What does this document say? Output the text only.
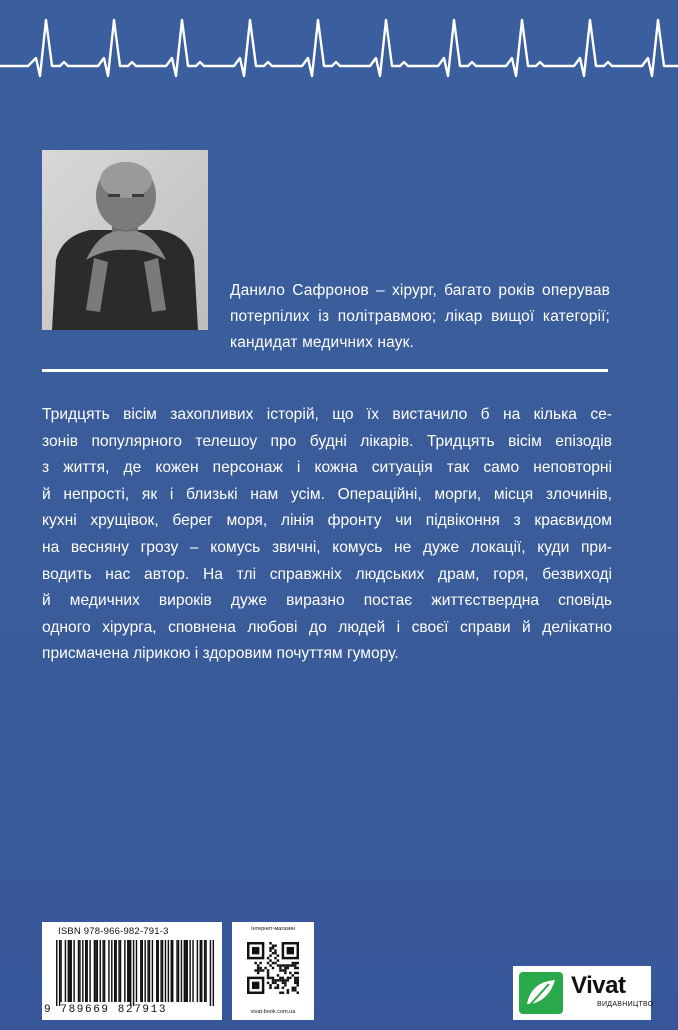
Данило Сафронов – хірург, багато років оперував потерпілих із політравмою; лікар вищої категорії; кандидат медичних наук.

Тридцять вісім захопливих історій, що їх вистачило б на кілька се-
зонів популярного телешоу про будні лікарів. Тридцять вісім епізодів
з життя, де кожен персонаж і кожна ситуація так само неповторні
й непрості, як і близькі нам усім. Операційні, морги, місця злочинів,
кухні хрущівок, берег моря, лінія фронту чи підвіконня з краєвидом
на весняну грозу – комусь звичні, комусь не дуже локації, куди при-
водить нас автор. На тлі справжніх людських драм, горя, безвиході
й медичних вироків дуже виразно постає життєствердна сповідь
одного хірурга, сповнена любові до людей і своєї справи й делікатно
присмачена лірикою і здоровим почуттям гумору.
ISBN 978-966-982-791-3
9 789669 827913
Інтернет-магазин
vivat-book.com.ua
Vivat
ВИДАВНИЦТВО
